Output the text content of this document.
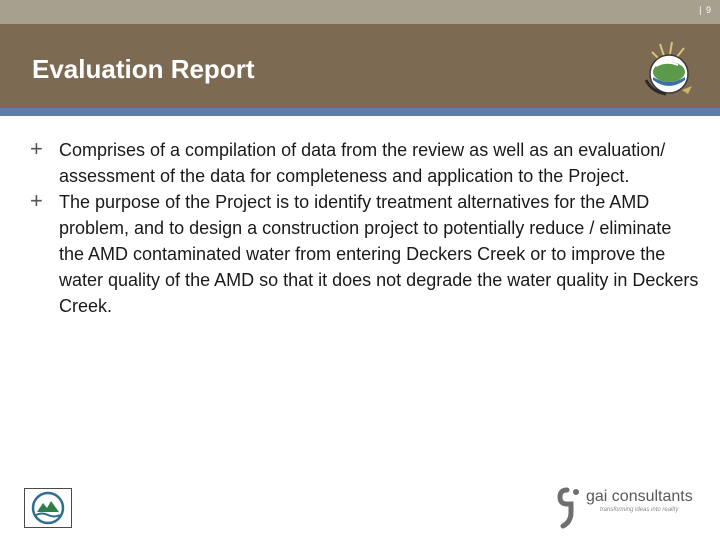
| 9
Evaluation Report
+ Comprises of a compilation of data from the review as well as an evaluation/ assessment of the data for completeness and application to the Project.
+ The purpose of the Project is to identify treatment alternatives for the AMD problem, and to design a construction project to potentially reduce / eliminate the AMD contaminated water from entering Deckers Creek or to improve the water quality of the AMD so that it does not degrade the water quality in Deckers Creek.
gai consultants
transforming ideas into reality
